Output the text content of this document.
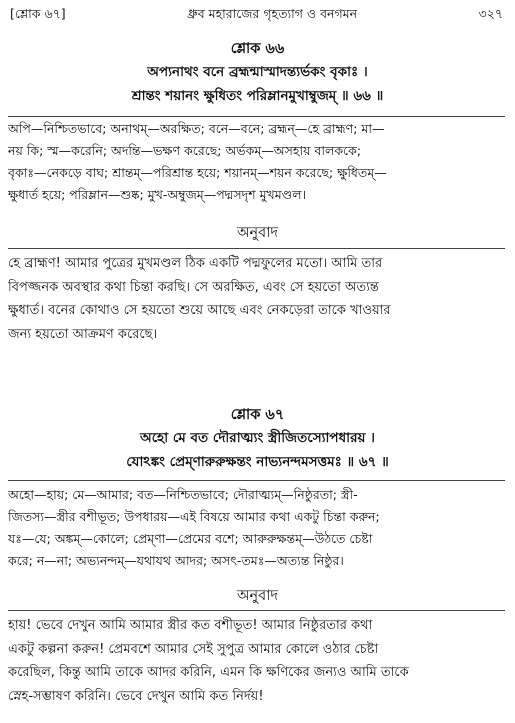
[শ্লোক ৬৭]	ধ্রুব মহারাজের গৃহত্যাগ ও বনগমন	৩২৭
শ্লোক ৬৬
অপ্যনাথং বনে ব্রহ্মন্মাস্মাদন্ত্যর্ভকং বৃকাঃ ।
শ্রান্তং শয়ানং ক্ষুধিতং পরিম্লানমুখাম্বুজম্ ॥ ৬৬ ॥
অপি—নিশ্চিতভাবে; অনাথম্—অরক্ষিত; বনে—বনে; ব্রহ্মন্—হে ব্রাহ্মণ; মা—
নয় কি; স্ম—করেনি; অদন্তি—ভক্ষণ করেছে; অর্ভকম্—অসহায় বালককে;
বৃকাঃ—নেকড়ে বাঘ; শ্রান্তম্—পরিশ্রান্ত হয়ে; শয়ানম্—শয়ন করেছে; ক্ষুধিতম্—
ক্ষুধার্ত হয়ে; পরিম্লান—শুষ্ক; মুখ-অম্বুজম্—পদ্মসদৃশ মুখমণ্ডল।
অনুবাদ
হে ব্রাহ্মণ! আমার পুত্রের মুখমণ্ডল ঠিক একটি পদ্মফুলের মতো। আমি তার
বিপজ্জনক অবস্থার কথা চিন্তা করছি। সে অরক্ষিত, এবং সে হয়তো অত্যন্ত
ক্ষুধার্ত। বনের কোথাও সে হয়তো শুয়ে আছে এবং নেকড়েরা তাকে খাওয়ার
জন্য হয়তো আক্রমণ করেছে।
শ্লোক ৬৭
অহো মে বত দৌরাত্ম্যং স্ত্রীজিতস্যোপধারয় ।
যোঽঙ্কং প্রেম্ণারুরুক্ষন্তং নাভ্যনন্দমসত্তমঃ ॥ ৬৭ ॥
অহো—হায়; মে—আমার; বত—নিশ্চিতভাবে; দৌরাত্ম্যম্—নিষ্ঠুরতা; স্ত্রী-
জিতস্য—স্ত্রীর বশীভূত; উপধারয়—এই বিষয়ে আমার কথা একটু চিন্তা করুন;
যঃ—যে; অঙ্কম্—কোলে; প্রেম্ণা—প্রেমের বশে; আরুরুক্ষন্তম্—উঠতে চেষ্টা
করে; ন—না; অভ্যনন্দম্—যথাযথ আদর; অসৎ-তমঃ—অত্যন্ত নিষ্ঠুর।
অনুবাদ
হায়! ভেবে দেখুন আমি আমার স্ত্রীর কত বশীভূত! আমার নিষ্ঠুরতার কথা
একটু কল্পনা করুন! প্রেমবশে আমার সেই সুপুত্র আমার কোলে ওঠার চেষ্টা
করেছিল, কিন্তু আমি তাকে আদর করিনি, এমন কি ক্ষণিকের জন্যও আমি তাকে
স্নেহ-সম্ভাষণ করিনি। ভেবে দেখুন আমি কত নির্দয়!
